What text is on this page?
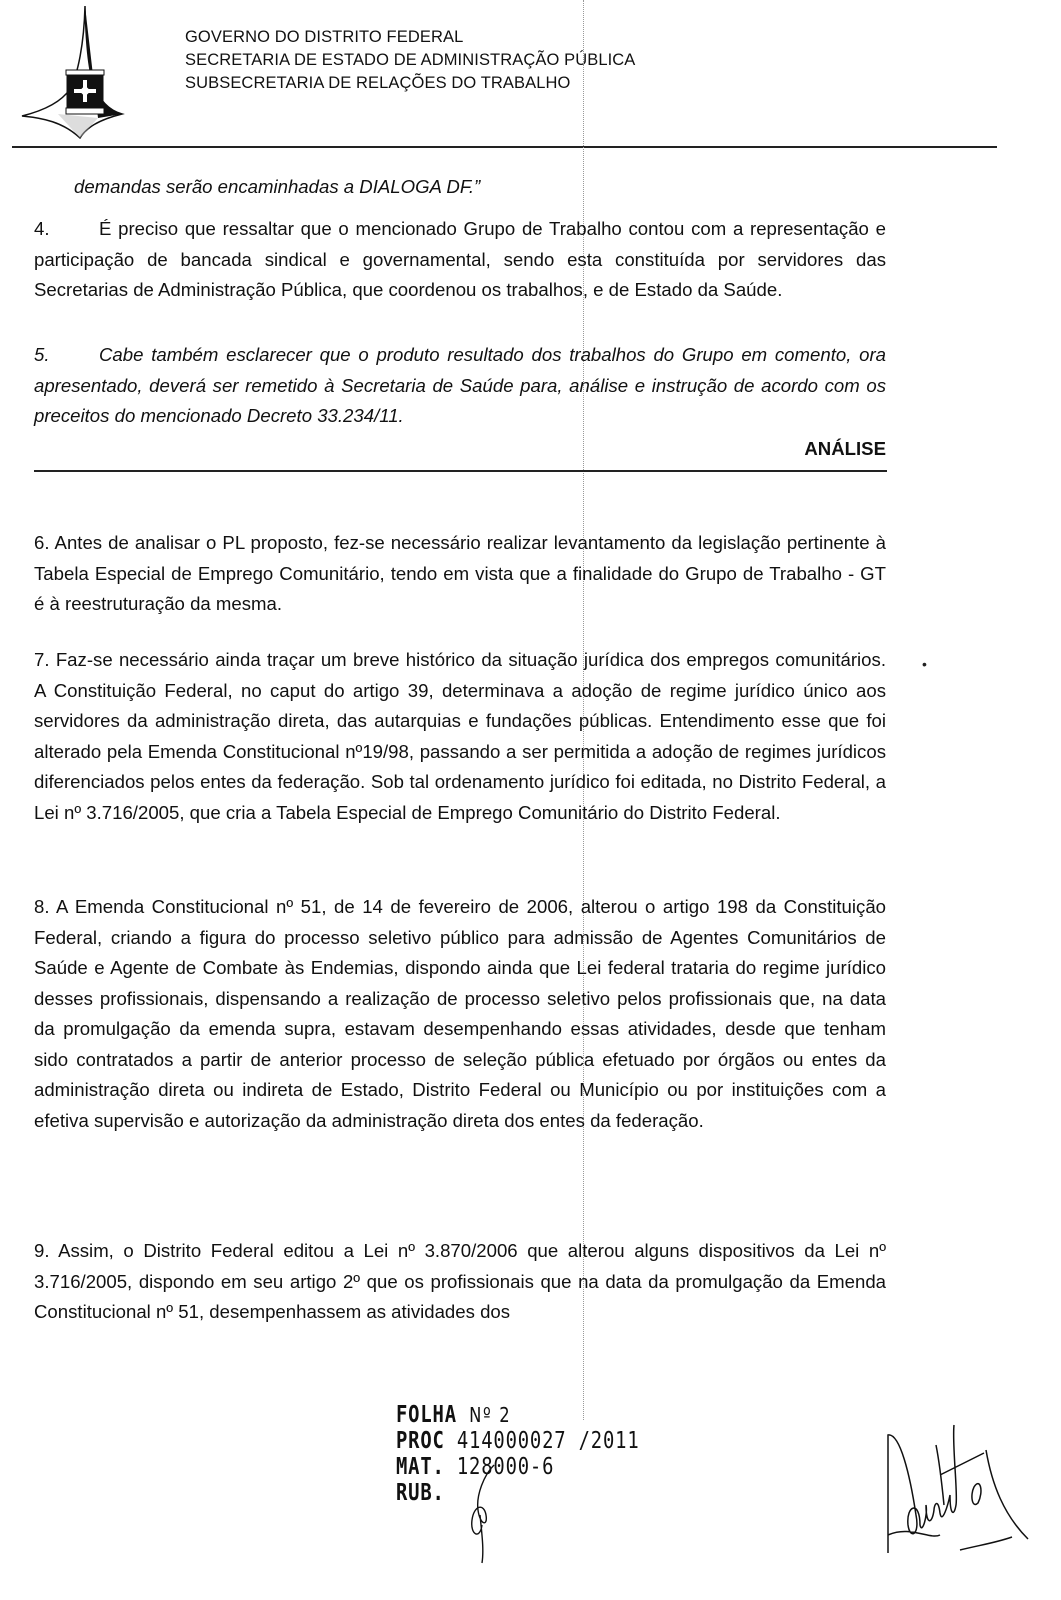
GOVERNO DO DISTRITO FEDERAL
SECRETARIA DE ESTADO DE ADMINISTRAÇÃO PÚBLICA
SUBSECRETARIA DE RELAÇÕES DO TRABALHO

demandas serão encaminhadas a DIALOGA DF.”

4.	É preciso que ressaltar que o mencionado Grupo de Trabalho contou com a representação e participação de bancada sindical e governamental, sendo esta constituída por servidores das Secretarias de Administração Pública, que coordenou os trabalhos, e de Estado da Saúde.

5.	Cabe também esclarecer que o produto resultado dos trabalhos do Grupo em comento, ora apresentado, deverá ser remetido à Secretaria de Saúde para, análise e instrução de acordo com os preceitos do mencionado Decreto 33.234/11.

ANÁLISE

6. Antes de analisar o PL proposto, fez-se necessário realizar levantamento da legislação pertinente à Tabela Especial de Emprego Comunitário, tendo em vista que a finalidade do Grupo de Trabalho - GT é à reestruturação da mesma.

7. Faz-se necessário ainda traçar um breve histórico da situação jurídica dos empregos comunitários. A Constituição Federal, no caput do artigo 39, determinava a adoção de regime jurídico único aos servidores da administração direta, das autarquias e fundações públicas. Entendimento esse que foi alterado pela Emenda Constitucional nº19/98, passando a ser permitida a adoção de regimes jurídicos diferenciados pelos entes da federação. Sob tal ordenamento jurídico foi editada, no Distrito Federal, a Lei nº 3.716/2005, que cria a Tabela Especial de Emprego Comunitário do Distrito Federal.

•

8. A Emenda Constitucional nº 51, de 14 de fevereiro de 2006, alterou o artigo 198 da Constituição Federal, criando a figura do processo seletivo público para admissão de Agentes Comunitários de Saúde e Agente de Combate às Endemias, dispondo ainda que Lei federal trataria do regime jurídico desses profissionais, dispensando a realização de processo seletivo pelos profissionais que, na data da promulgação da emenda supra, estavam desempenhando essas atividades, desde que tenham sido contratados a partir de anterior processo de seleção pública efetuado por órgãos ou entes da administração direta ou indireta de Estado, Distrito Federal ou Município ou por instituições com a efetiva supervisão e autorização da administração direta dos entes da federação.

9. Assim, o Distrito Federal editou a Lei nº 3.870/2006 que alterou alguns dispositivos da Lei nº 3.716/2005, dispondo em seu artigo 2º que os profissionais que na data da promulgação da Emenda Constitucional nº 51, desempenhassem as atividades dos

FOLHA Nº 2
PROC 414000027 /2011
MAT. 128000-6
RUB.
